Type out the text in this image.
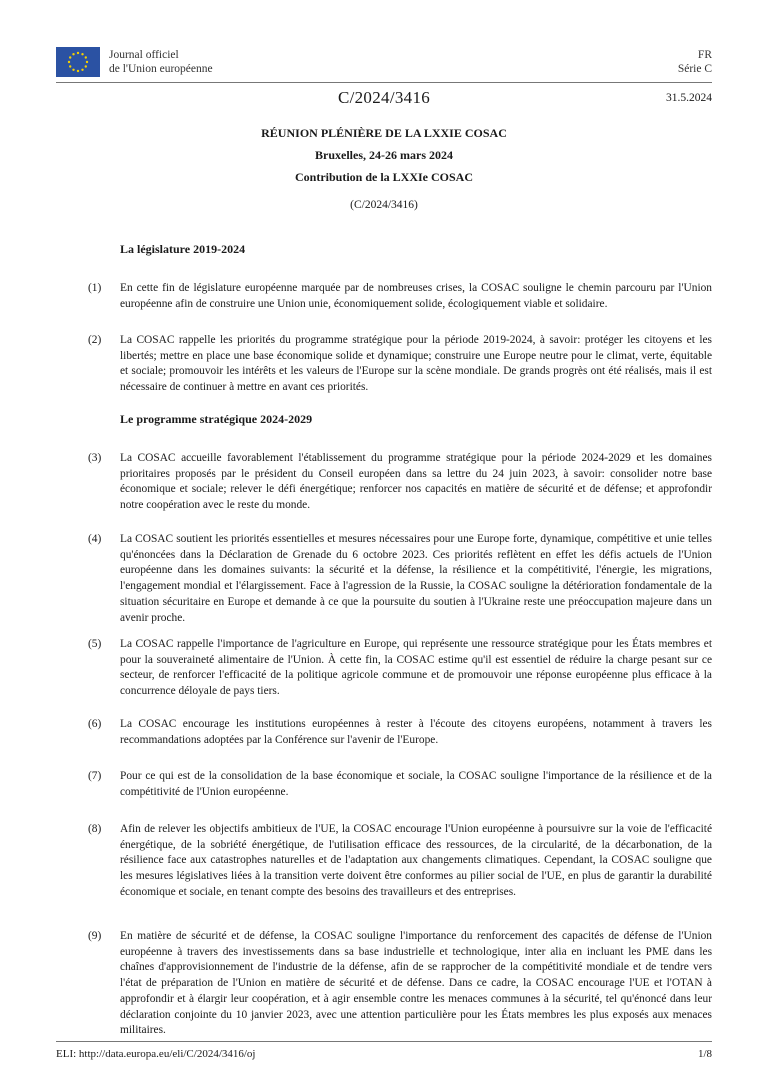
Journal officiel
de l'Union européenne
FR
Série C
C/2024/3416	31.5.2024
RÉUNION PLÉNIÈRE DE LA LXXIE COSAC
Bruxelles, 24-26 mars 2024
Contribution de la LXXIe COSAC
(C/2024/3416)
La législature 2019-2024
(1) En cette fin de législature européenne marquée par de nombreuses crises, la COSAC souligne le chemin parcouru par l'Union européenne afin de construire une Union unie, économiquement solide, écologiquement viable et solidaire.
(2) La COSAC rappelle les priorités du programme stratégique pour la période 2019-2024, à savoir: protéger les citoyens et les libertés; mettre en place une base économique solide et dynamique; construire une Europe neutre pour le climat, verte, équitable et sociale; promouvoir les intérêts et les valeurs de l'Europe sur la scène mondiale. De grands progrès ont été réalisés, mais il est nécessaire de continuer à mettre en avant ces priorités.
Le programme stratégique 2024-2029
(3) La COSAC accueille favorablement l'établissement du programme stratégique pour la période 2024-2029 et les domaines prioritaires proposés par le président du Conseil européen dans sa lettre du 24 juin 2023, à savoir: consolider notre base économique et sociale; relever le défi énergétique; renforcer nos capacités en matière de sécurité et de défense; et approfondir notre coopération avec le reste du monde.
(4) La COSAC soutient les priorités essentielles et mesures nécessaires pour une Europe forte, dynamique, compétitive et unie telles qu'énoncées dans la Déclaration de Grenade du 6 octobre 2023. Ces priorités reflètent en effet les défis actuels de l'Union européenne dans les domaines suivants: la sécurité et la défense, la résilience et la compétitivité, l'énergie, les migrations, l'engagement mondial et l'élargissement. Face à l'agression de la Russie, la COSAC souligne la détérioration fondamentale de la situation sécuritaire en Europe et demande à ce que la poursuite du soutien à l'Ukraine reste une préoccupation majeure dans un avenir proche.
(5) La COSAC rappelle l'importance de l'agriculture en Europe, qui représente une ressource stratégique pour les États membres et pour la souveraineté alimentaire de l'Union. À cette fin, la COSAC estime qu'il est essentiel de réduire la charge pesant sur ce secteur, de renforcer l'efficacité de la politique agricole commune et de promouvoir une réponse européenne plus efficace à la concurrence déloyale de pays tiers.
(6) La COSAC encourage les institutions européennes à rester à l'écoute des citoyens européens, notamment à travers les recommandations adoptées par la Conférence sur l'avenir de l'Europe.
(7) Pour ce qui est de la consolidation de la base économique et sociale, la COSAC souligne l'importance de la résilience et de la compétitivité de l'Union européenne.
(8) Afin de relever les objectifs ambitieux de l'UE, la COSAC encourage l'Union européenne à poursuivre sur la voie de l'efficacité énergétique, de la sobriété énergétique, de l'utilisation efficace des ressources, de la circularité, de la décarbonation, de la résilience face aux catastrophes naturelles et de l'adaptation aux changements climatiques. Cependant, la COSAC souligne que les mesures législatives liées à la transition verte doivent être conformes au pilier social de l'UE, en plus de garantir la durabilité économique et sociale, en tenant compte des besoins des travailleurs et des entreprises.
(9) En matière de sécurité et de défense, la COSAC souligne l'importance du renforcement des capacités de défense de l'Union européenne à travers des investissements dans sa base industrielle et technologique, inter alia en incluant les PME dans les chaînes d'approvisionnement de l'industrie de la défense, afin de se rapprocher de la compétitivité mondiale et de tendre vers l'état de préparation de l'Union en matière de sécurité et de défense. Dans ce cadre, la COSAC encourage l'UE et l'OTAN à approfondir et à élargir leur coopération, et à agir ensemble contre les menaces communes à la sécurité, tel qu'énoncé dans leur déclaration conjointe du 10 janvier 2023, avec une attention particulière pour les États membres les plus exposés aux menaces militaires.
ELI: http://data.europa.eu/eli/C/2024/3416/oj	1/8
